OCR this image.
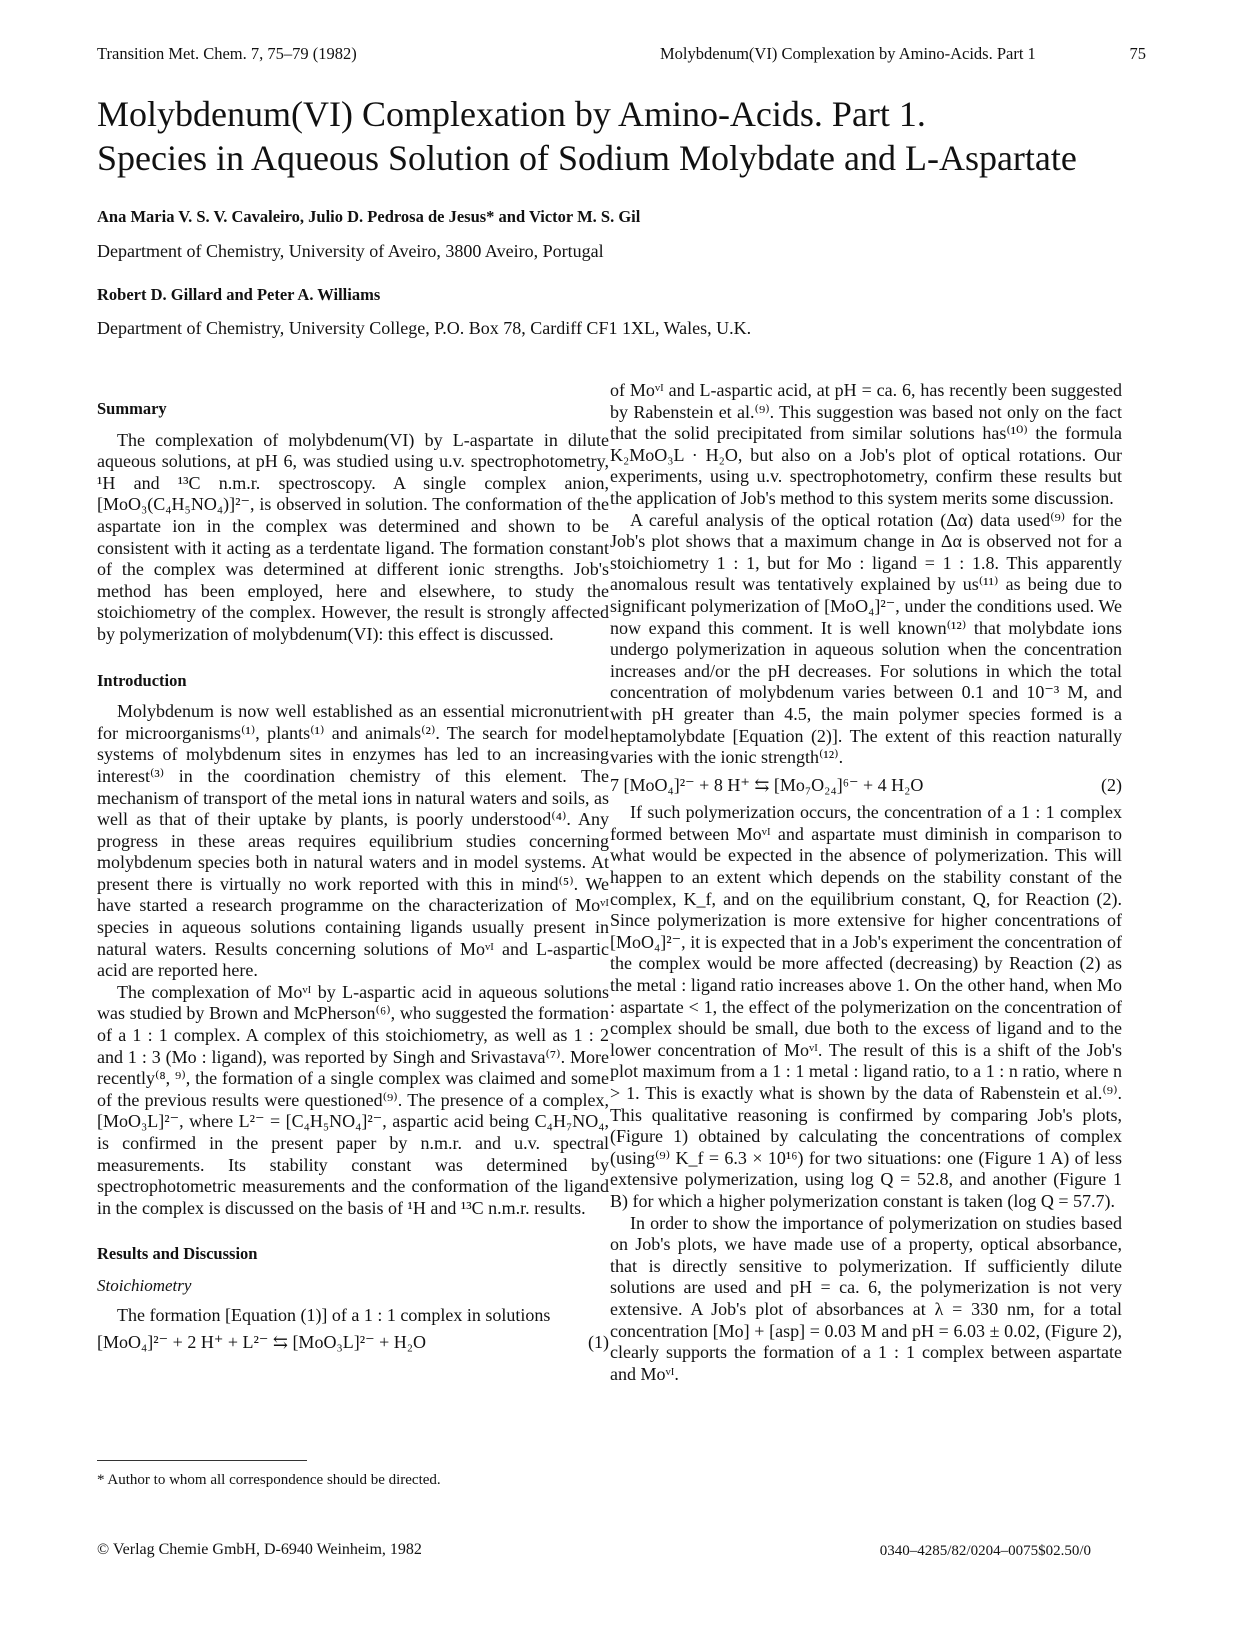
Transition Met. Chem. 7, 75–79 (1982)	Molybdenum(VI) Complexation by Amino-Acids. Part 1	75
Molybdenum(VI) Complexation by Amino-Acids. Part 1.
Species in Aqueous Solution of Sodium Molybdate and L-Aspartate
Ana Maria V. S. V. Cavaleiro, Julio D. Pedrosa de Jesus* and Victor M. S. Gil
Department of Chemistry, University of Aveiro, 3800 Aveiro, Portugal
Robert D. Gillard and Peter A. Williams
Department of Chemistry, University College, P.O. Box 78, Cardiff CF1 1XL, Wales, U.K.
Summary

The complexation of molybdenum(VI) by L-aspartate in dilute aqueous solutions, at pH 6, was studied using u.v. spectrophotometry, ¹H and ¹³C n.m.r. spectroscopy. A single complex anion, [MoO₃(C₄H₅NO₄)]²⁻, is observed in solution. The conformation of the aspartate ion in the complex was determined and shown to be consistent with it acting as a terdentate ligand. The formation constant of the complex was determined at different ionic strengths. Job's method has been employed, here and elsewhere, to study the stoichiometry of the complex. However, the result is strongly affected by polymerization of molybdenum(VI): this effect is discussed.

Introduction

Molybdenum is now well established as an essential micronutrient for microorganisms⁽¹⁾, plants⁽¹⁾ and animals⁽²⁾. The search for model systems of molybdenum sites in enzymes has led to an increasing interest⁽³⁾ in the coordination chemistry of this element. The mechanism of transport of the metal ions in natural waters and soils, as well as that of their uptake by plants, is poorly understood⁽⁴⁾. Any progress in these areas requires equilibrium studies concerning molybdenum species both in natural waters and in model systems. At present there is virtually no work reported with this in mind⁽⁵⁾. We have started a research programme on the characterization of Moᵛᴵ species in aqueous solutions containing ligands usually present in natural waters. Results concerning solutions of Moᵛᴵ and L-aspartic acid are reported here.

The complexation of Moᵛᴵ by L-aspartic acid in aqueous solutions was studied by Brown and McPherson⁽⁶⁾, who suggested the formation of a 1 : 1 complex. A complex of this stoichiometry, as well as 1 : 2 and 1 : 3 (Mo : ligand), was reported by Singh and Srivastava⁽⁷⁾. More recently⁽⁸, ⁹⁾, the formation of a single complex was claimed and some of the previous results were questioned⁽⁹⁾. The presence of a complex, [MoO₃L]²⁻, where L²⁻ = [C₄H₅NO₄]²⁻, aspartic acid being C₄H₇NO₄, is confirmed in the present paper by n.m.r. and u.v. spectral measurements. Its stability constant was determined by spectrophotometric measurements and the conformation of the ligand in the complex is discussed on the basis of ¹H and ¹³C n.m.r. results.

Results and Discussion
Stoichiometry

The formation [Equation (1)] of a 1 : 1 complex in solutions

[MoO₄]²⁻ + 2 H⁺ + L²⁻ ⇆ [MoO₃L]²⁻ + H₂O	(1)

of Moᵛᴵ and L-aspartic acid, at pH = ca. 6, has recently been suggested by Rabenstein et al.⁽⁹⁾. This suggestion was based not only on the fact that the solid precipitated from similar solutions has⁽¹⁰⁾ the formula K₂MoO₃L · H₂O, but also on a Job's plot of optical rotations. Our experiments, using u.v. spectrophotometry, confirm these results but the application of Job's method to this system merits some discussion.

A careful analysis of the optical rotation (Δα) data used⁽⁹⁾ for the Job's plot shows that a maximum change in Δα is observed not for a stoichiometry 1 : 1, but for Mo : ligand = 1 : 1.8. This apparently anomalous result was tentatively explained by us⁽¹¹⁾ as being due to significant polymerization of [MoO₄]²⁻, under the conditions used. We now expand this comment. It is well known⁽¹²⁾ that molybdate ions undergo polymerization in aqueous solution when the concentration increases and/or the pH decreases. For solutions in which the total concentration of molybdenum varies between 0.1 and 10⁻³ M, and with pH greater than 4.5, the main polymer species formed is a heptamolybdate [Equation (2)]. The extent of this reaction naturally varies with the ionic strength⁽¹²⁾.

7 [MoO₄]²⁻ + 8 H⁺ ⇆ [Mo₇O₂₄]⁶⁻ + 4 H₂O	(2)

If such polymerization occurs, the concentration of a 1 : 1 complex formed between Moᵛᴵ and aspartate must diminish in comparison to what would be expected in the absence of polymerization. This will happen to an extent which depends on the stability constant of the complex, K_f, and on the equilibrium constant, Q, for Reaction (2). Since polymerization is more extensive for higher concentrations of [MoO₄]²⁻, it is expected that in a Job's experiment the concentration of the complex would be more affected (decreasing) by Reaction (2) as the metal : ligand ratio increases above 1. On the other hand, when Mo : aspartate < 1, the effect of the polymerization on the concentration of complex should be small, due both to the excess of ligand and to the lower concentration of Moᵛᴵ. The result of this is a shift of the Job's plot maximum from a 1 : 1 metal : ligand ratio, to a 1 : n ratio, where n > 1. This is exactly what is shown by the data of Rabenstein et al.⁽⁹⁾. This qualitative reasoning is confirmed by comparing Job's plots, (Figure 1) obtained by calculating the concentrations of complex (using⁽⁹⁾ K_f = 6.3 × 10¹⁶) for two situations: one (Figure 1 A) of less extensive polymerization, using log Q = 52.8, and another (Figure 1 B) for which a higher polymerization constant is taken (log Q = 57.7).

In order to show the importance of polymerization on studies based on Job's plots, we have made use of a property, optical absorbance, that is directly sensitive to polymerization. If sufficiently dilute solutions are used and pH = ca. 6, the polymerization is not very extensive. A Job's plot of absorbances at λ = 330 nm, for a total concentration [Mo] + [asp] = 0.03 M and pH = 6.03 ± 0.02, (Figure 2), clearly supports the formation of a 1 : 1 complex between aspartate and Moᵛᴵ.

* Author to whom all correspondence should be directed.
© Verlag Chemie GmbH, D-6940 Weinheim, 1982	0340–4285/82/0204–0075$02.50/0
